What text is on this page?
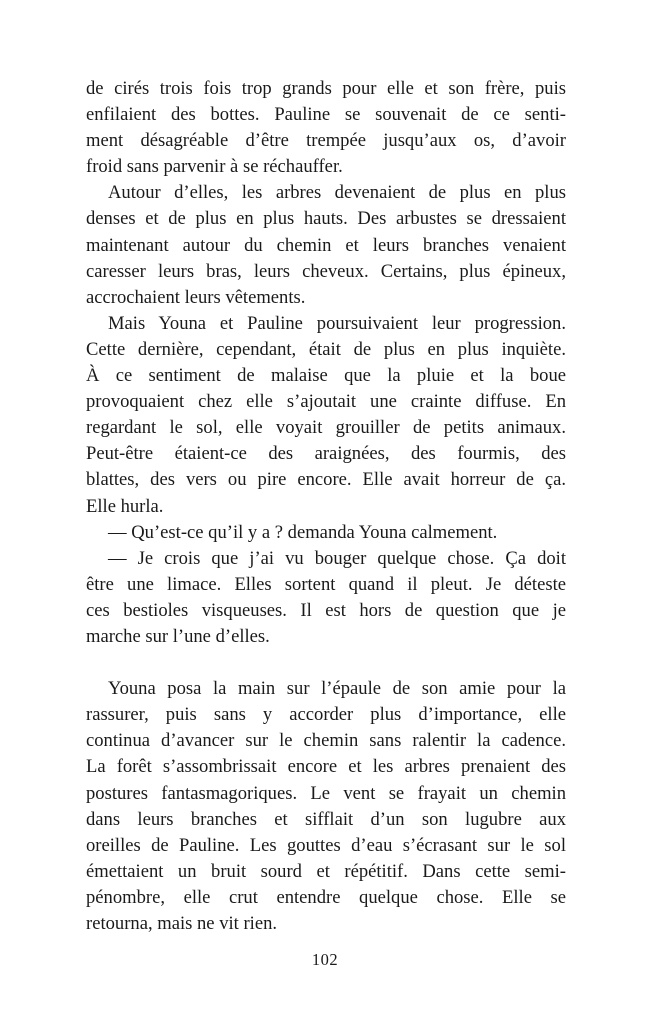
de cirés trois fois trop grands pour elle et son frère, puis
enfilaient des bottes. Pauline se souvenait de ce senti-
ment désagréable d’être trempée jusqu’aux os, d’avoir
froid sans parvenir à se réchauffer.
Autour d’elles, les arbres devenaient de plus en plus
denses et de plus en plus hauts. Des arbustes se dressaient
maintenant autour du chemin et leurs branches venaient
caresser leurs bras, leurs cheveux. Certains, plus épineux,
accrochaient leurs vêtements.
Mais Youna et Pauline poursuivaient leur progression.
Cette dernière, cependant, était de plus en plus inquiète.
À ce sentiment de malaise que la pluie et la boue
provoquaient chez elle s’ajoutait une crainte diffuse. En
regardant le sol, elle voyait grouiller de petits animaux.
Peut-être étaient-ce des araignées, des fourmis, des
blattes, des vers ou pire encore. Elle avait horreur de ça.
Elle hurla.
— Qu’est-ce qu’il y a ? demanda Youna calmement.
— Je crois que j’ai vu bouger quelque chose. Ça doit
être une limace. Elles sortent quand il pleut. Je déteste
ces bestioles visqueuses. Il est hors de question que je
marche sur l’une d’elles.
Youna posa la main sur l’épaule de son amie pour la
rassurer, puis sans y accorder plus d’importance, elle
continua d’avancer sur le chemin sans ralentir la cadence.
La forêt s’assombrissait encore et les arbres prenaient des
postures fantasmagoriques. Le vent se frayait un chemin
dans leurs branches et sifflait d’un son lugubre aux
oreilles de Pauline. Les gouttes d’eau s’écrasant sur le sol
émettaient un bruit sourd et répétitif. Dans cette semi-
pénombre, elle crut entendre quelque chose. Elle se
retourna, mais ne vit rien.
102
